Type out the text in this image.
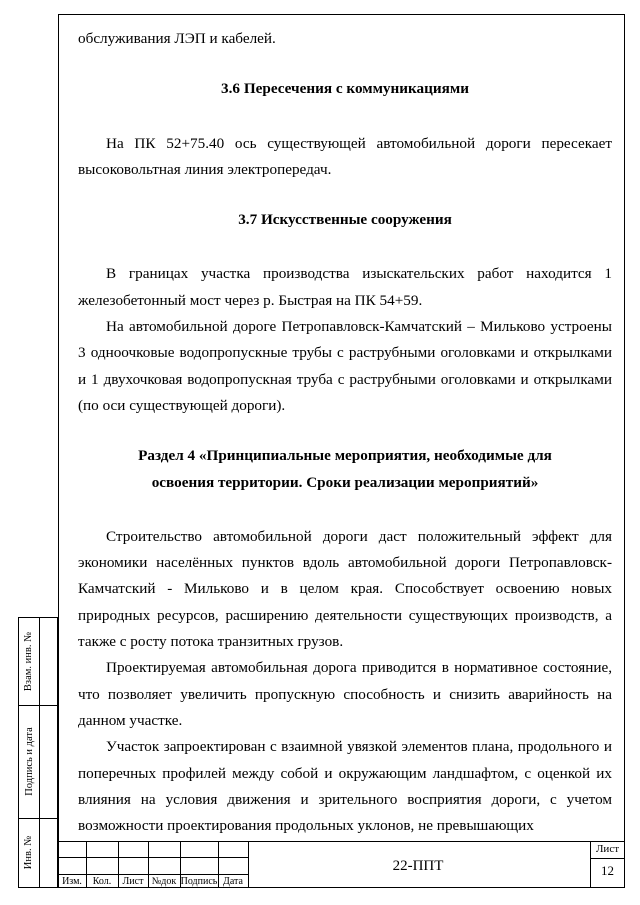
обслуживания ЛЭП и кабелей.

3.6 Пересечения с коммуникациями

На ПК 52+75.40 ось существующей автомобильной дороги пересекает высоковольтная линия электропередач.

3.7 Искусственные сооружения

В границах участка производства изыскательских работ находится 1 железобетонный мост через р. Быстрая на ПК 54+59.

На автомобильной дороге Петропавловск-Камчатский – Мильково устроены 3 одноочковые водопропускные трубы с раструбными оголовками и открылками и 1 двухочковая водопропускная труба с раструбными оголовками и открылками (по оси существующей дороги).

Раздел 4 «Принципиальные мероприятия, необходимые для

освоения территории. Сроки реализации мероприятий»

Строительство автомобильной дороги даст положительный эффект для экономики населённых пунктов вдоль автомобильной дороги Петропавловск-Камчатский - Мильково и в целом края. Способствует освоению новых природных ресурсов, расширению деятельности существующих производств, а также с росту потока транзитных грузов.

Проектируемая автомобильная дорога приводится в нормативное состояние, что позволяет увеличить пропускную способность и снизить аварийность на данном участке.

Участок запроектирован с взаимной увязкой элементов плана, продольного и поперечных профилей между собой и окружающим ландшафтом, с оценкой их влияния на условия движения и зрительного восприятия дороги, с учетом возможности проектирования продольных уклонов, не превышающих

Взам. инв. №
Подпись и дата
Инв. №
Изм.	Кол.	Лист №док Подпись Дата
22-ППТ
Лист
12
